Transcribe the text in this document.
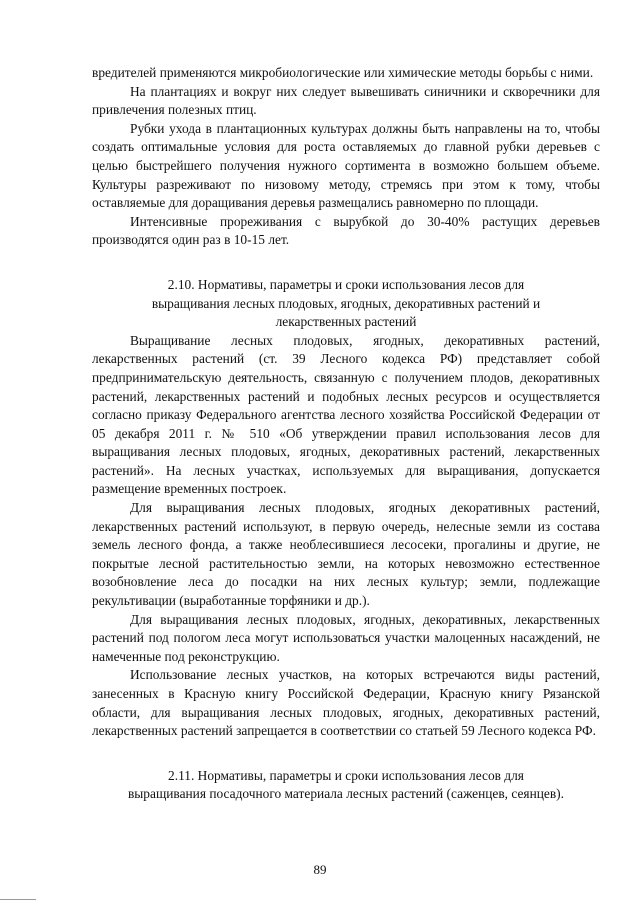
вредителей применяются микробиологические или химические методы борьбы с ними.

На плантациях и вокруг них следует вывешивать синичники и скворечники для привлечения полезных птиц.

Рубки ухода в плантационных культурах должны быть направлены на то, чтобы создать оптимальные условия для роста оставляемых до главной рубки деревьев с целью быстрейшего получения нужного сортимента в возможно большем объеме. Культуры разреживают по низовому методу, стремясь при этом к тому, чтобы оставляемые для доращивания деревья размещались равномерно по площади.

Интенсивные прореживания с вырубкой до 30-40% растущих деревьев производятся один раз в 10-15 лет.

2.10. Нормативы, параметры и сроки использования лесов для
выращивания лесных плодовых, ягодных, декоративных растений и
лекарственных растений

Выращивание лесных плодовых, ягодных, декоративных растений, лекарственных растений (ст. 39 Лесного кодекса РФ) представляет собой предпринимательскую деятельность, связанную с получением плодов, декоративных растений, лекарственных растений и подобных лесных ресурсов и осуществляется согласно приказу Федерального агентства лесного хозяйства Российской Федерации от 05 декабря 2011 г. № 510 «Об утверждении правил использования лесов для выращивания лесных плодовых, ягодных, декоративных растений, лекарственных растений». На лесных участках, используемых для выращивания, допускается размещение временных построек.

Для выращивания лесных плодовых, ягодных декоративных растений, лекарственных растений используют, в первую очередь, нелесные земли из состава земель лесного фонда, а также необлесившиеся лесосеки, прогалины и другие, не покрытые лесной растительностью земли, на которых невозможно естественное возобновление леса до посадки на них лесных культур; земли, подлежащие рекультивации (выработанные торфяники и др.).

Для выращивания лесных плодовых, ягодных, декоративных, лекарственных растений под пологом леса могут использоваться участки малоценных насаждений, не намеченные под реконструкцию.

Использование лесных участков, на которых встречаются виды растений, занесенных в Красную книгу Российской Федерации, Красную книгу Рязанской области, для выращивания лесных плодовых, ягодных, декоративных растений, лекарственных растений запрещается в соответствии со статьей 59 Лесного кодекса РФ.

2.11. Нормативы, параметры и сроки использования лесов для
выращивания посадочного материала лесных растений (саженцев, сеянцев).
89
